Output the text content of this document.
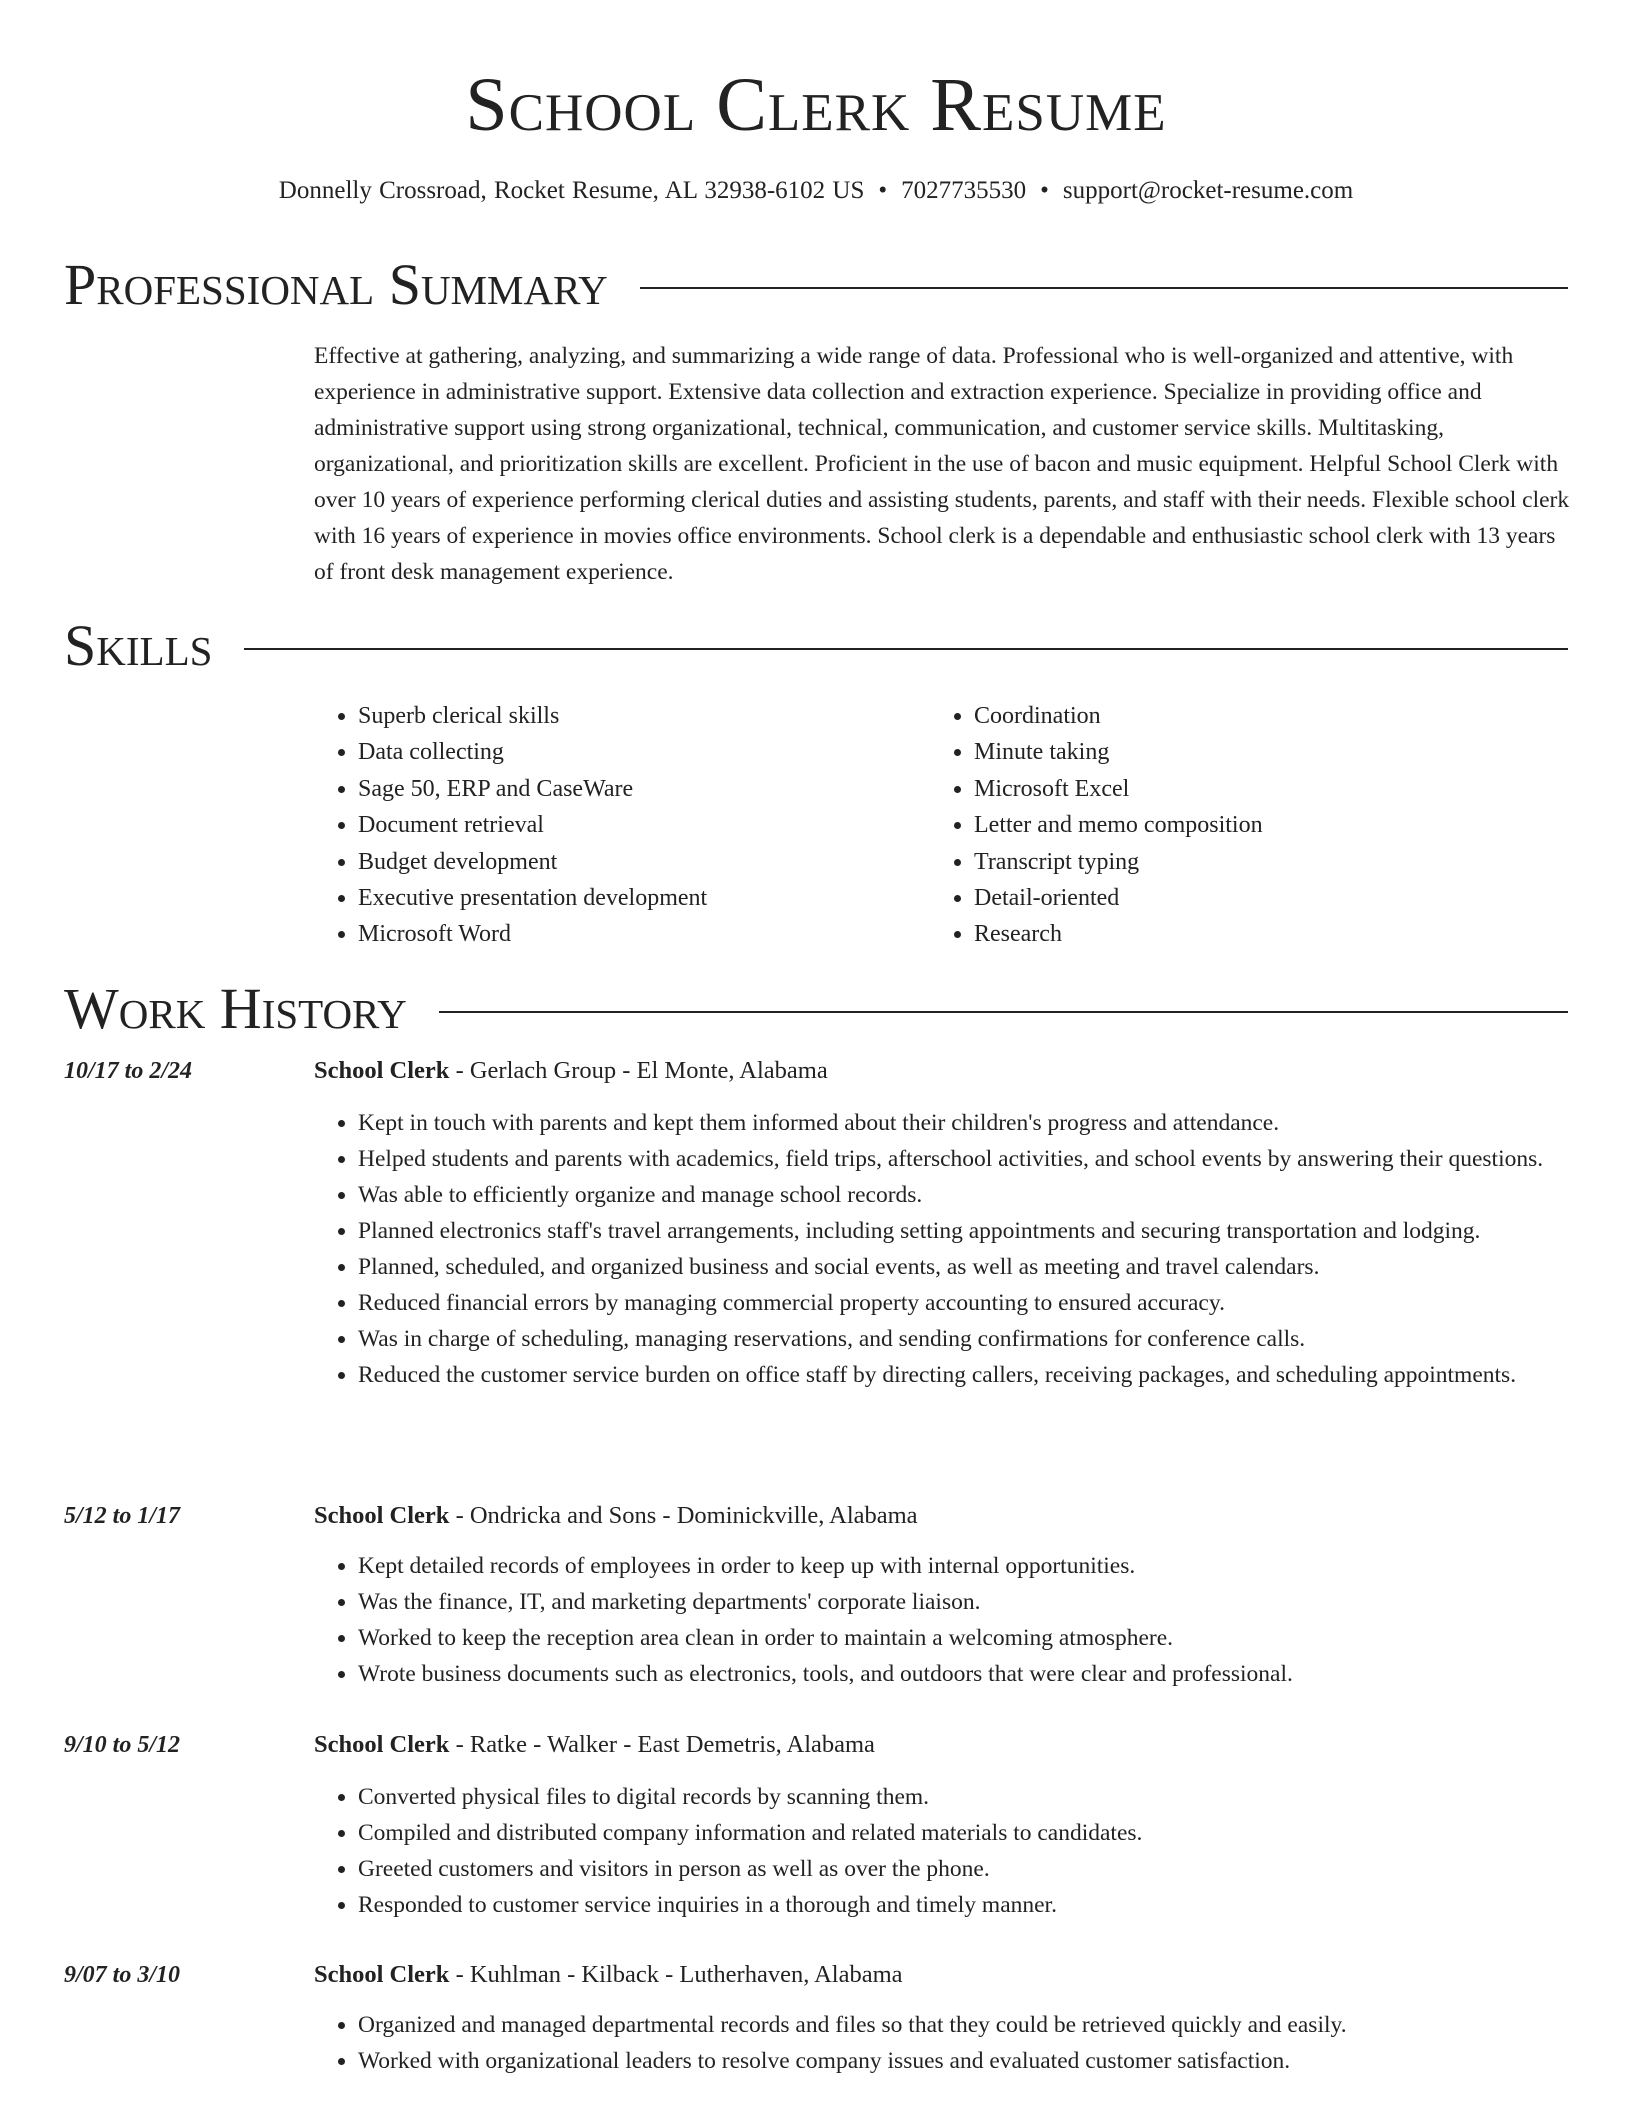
School Clerk Resume
Donnelly Crossroad, Rocket Resume, AL 32938-6102 US • 7027735530 • support@rocket-resume.com
Professional Summary
Effective at gathering, analyzing, and summarizing a wide range of data. Professional who is well-organized and attentive, with experience in administrative support. Extensive data collection and extraction experience. Specialize in providing office and administrative support using strong organizational, technical, communication, and customer service skills. Multitasking, organizational, and prioritization skills are excellent. Proficient in the use of bacon and music equipment. Helpful School Clerk with over 10 years of experience performing clerical duties and assisting students, parents, and staff with their needs. Flexible school clerk with 16 years of experience in movies office environments. School clerk is a dependable and enthusiastic school clerk with 13 years of front desk management experience.
Skills
• Superb clerical skills
• Data collecting
• Sage 50, ERP and CaseWare
• Document retrieval
• Budget development
• Executive presentation development
• Microsoft Word
• Coordination
• Minute taking
• Microsoft Excel
• Letter and memo composition
• Transcript typing
• Detail-oriented
• Research
Work History
10/17 to 2/24	School Clerk - Gerlach Group - El Monte, Alabama
• Kept in touch with parents and kept them informed about their children's progress and attendance.
• Helped students and parents with academics, field trips, afterschool activities, and school events by answering their questions.
• Was able to efficiently organize and manage school records.
• Planned electronics staff's travel arrangements, including setting appointments and securing transportation and lodging.
• Planned, scheduled, and organized business and social events, as well as meeting and travel calendars.
• Reduced financial errors by managing commercial property accounting to ensured accuracy.
• Was in charge of scheduling, managing reservations, and sending confirmations for conference calls.
• Reduced the customer service burden on office staff by directing callers, receiving packages, and scheduling appointments.
5/12 to 1/17	School Clerk - Ondricka and Sons - Dominickville, Alabama
• Kept detailed records of employees in order to keep up with internal opportunities.
• Was the finance, IT, and marketing departments' corporate liaison.
• Worked to keep the reception area clean in order to maintain a welcoming atmosphere.
• Wrote business documents such as electronics, tools, and outdoors that were clear and professional.
9/10 to 5/12	School Clerk - Ratke - Walker - East Demetris, Alabama
• Converted physical files to digital records by scanning them.
• Compiled and distributed company information and related materials to candidates.
• Greeted customers and visitors in person as well as over the phone.
• Responded to customer service inquiries in a thorough and timely manner.
9/07 to 3/10	School Clerk - Kuhlman - Kilback - Lutherhaven, Alabama
• Organized and managed departmental records and files so that they could be retrieved quickly and easily.
• Worked with organizational leaders to resolve company issues and evaluated customer satisfaction.
